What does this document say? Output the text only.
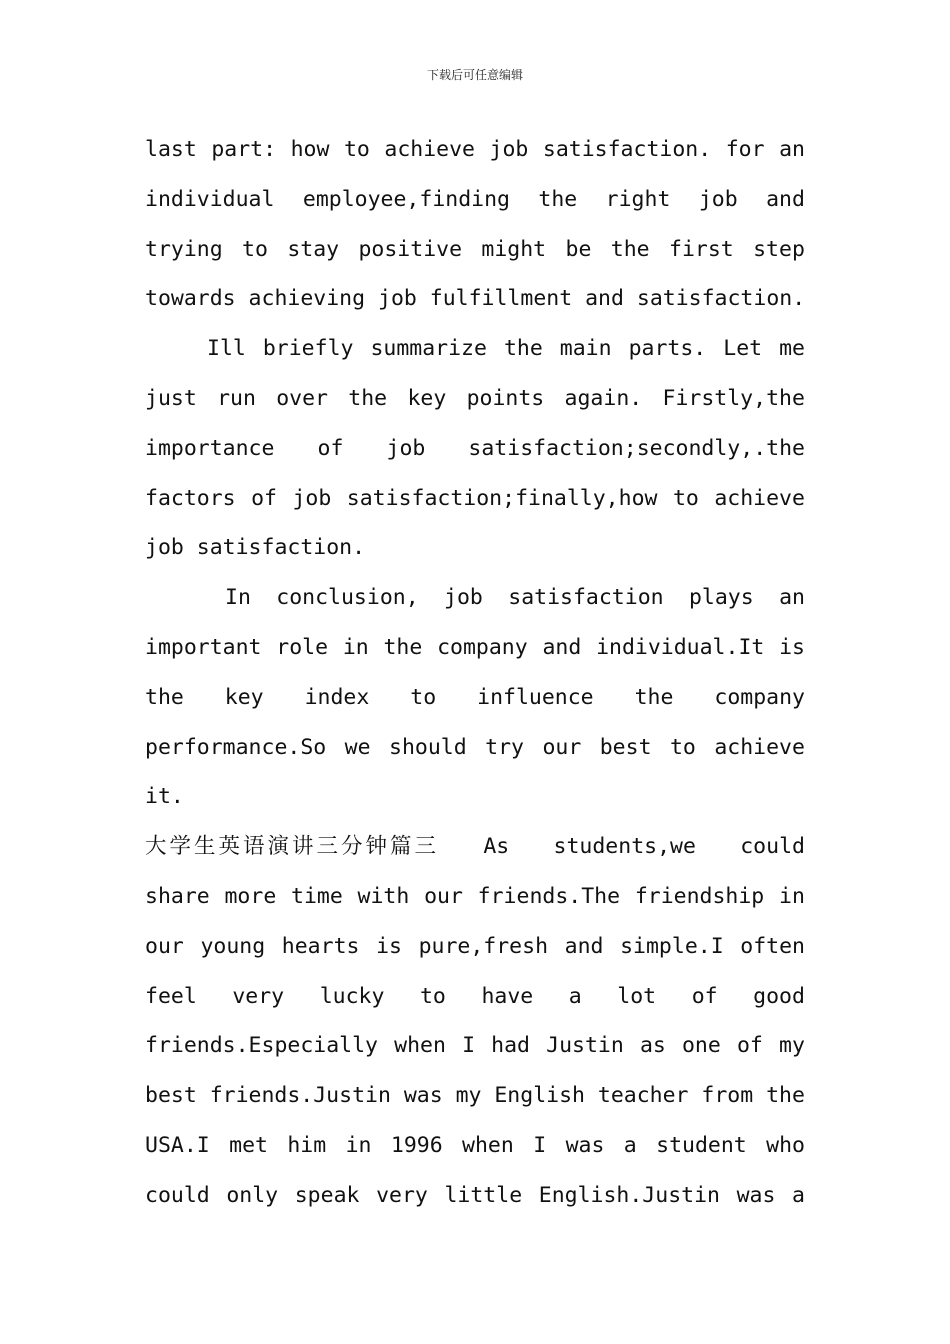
下载后可任意编辑
last part: how to achieve job satisfaction. for an
individual employee,finding the right job and
trying to stay positive might be the first step
towards achieving job fulfillment and satisfaction.
Ill briefly summarize the main parts. Let me
just run over the key points again. Firstly,the
importance of job satisfaction;secondly,.the
factors of job satisfaction;finally,how to achieve
job satisfaction.
In conclusion, job satisfaction plays an
important role in the company and individual.It is
the key index to influence the company
performance.So we should try our best to achieve
it.
大学生英语演讲三分钟篇三 As students,we could
share more time with our friends.The friendship in
our young hearts is pure,fresh and simple.I often
feel very lucky to have a lot of good
friends.Especially when I had Justin as one of my
best friends.Justin was my English teacher from the
USA.I met him in 1996 when I was a student who
could only speak very little English.Justin was a
